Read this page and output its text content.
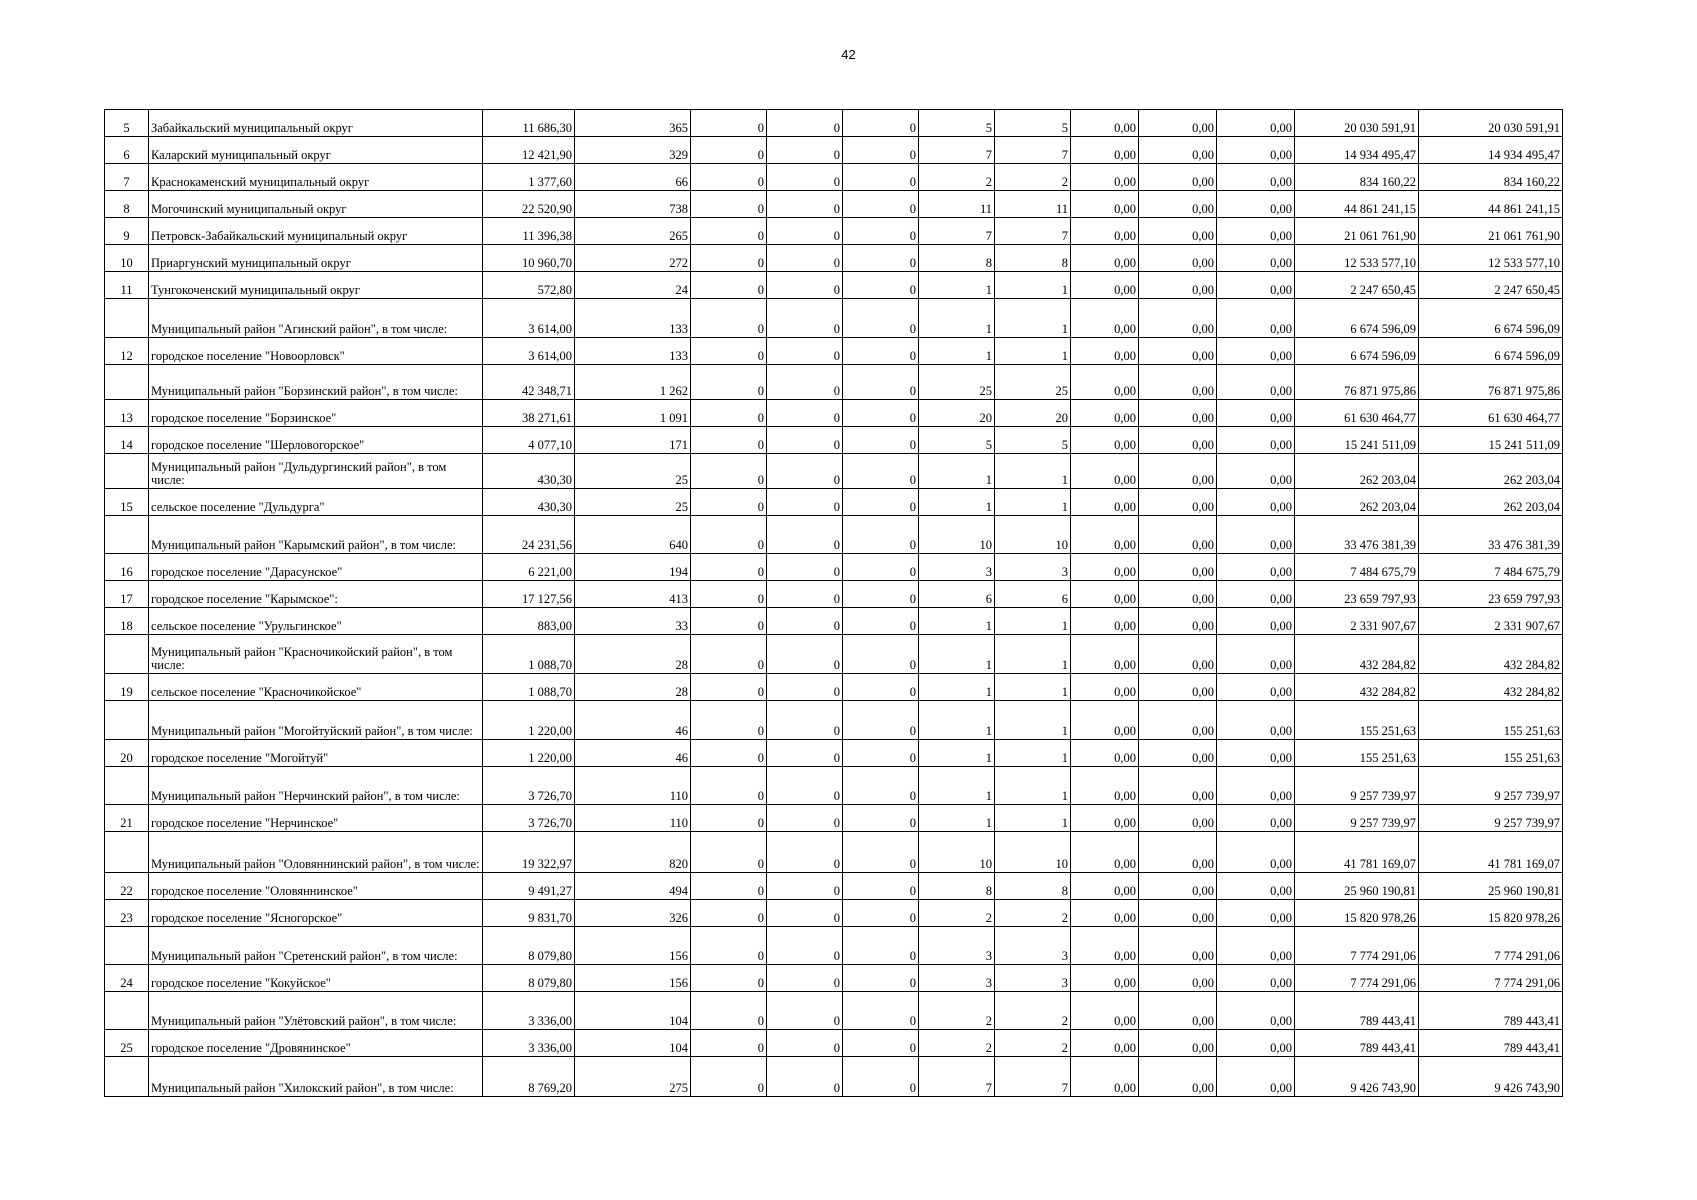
42
5	Забайкальский муниципальный округ	11 686,30	365	0	0	0	5	5	0,00	0,00	0,00	20 030 591,91	20 030 591,91
6	Каларский муниципальный округ	12 421,90	329	0	0	0	7	7	0,00	0,00	0,00	14 934 495,47	14 934 495,47
7	Краснокаменский муниципальный округ	1 377,60	66	0	0	0	2	2	0,00	0,00	0,00	834 160,22	834 160,22
8	Могочинский муниципальный округ	22 520,90	738	0	0	0	11	11	0,00	0,00	0,00	44 861 241,15	44 861 241,15
9	Петровск-Забайкальский муниципальный округ	11 396,38	265	0	0	0	7	7	0,00	0,00	0,00	21 061 761,90	21 061 761,90
10	Приаргунский муниципальный округ	10 960,70	272	0	0	0	8	8	0,00	0,00	0,00	12 533 577,10	12 533 577,10
11	Тунгокоченский муниципальный округ	572,80	24	0	0	0	1	1	0,00	0,00	0,00	2 247 650,45	2 247 650,45
	Муниципальный район "Агинский район", в том числе:	3 614,00	133	0	0	0	1	1	0,00	0,00	0,00	6 674 596,09	6 674 596,09
12	городское поселение "Новоорловск"	3 614,00	133	0	0	0	1	1	0,00	0,00	0,00	6 674 596,09	6 674 596,09
	Муниципальный район "Борзинский район", в том числе:	42 348,71	1 262	0	0	0	25	25	0,00	0,00	0,00	76 871 975,86	76 871 975,86
13	городское поселение "Борзинское"	38 271,61	1 091	0	0	0	20	20	0,00	0,00	0,00	61 630 464,77	61 630 464,77
14	городское поселение "Шерловогорское"	4 077,10	171	0	0	0	5	5	0,00	0,00	0,00	15 241 511,09	15 241 511,09
	Муниципальный район "Дульдургинский район", в том числе:	430,30	25	0	0	0	1	1	0,00	0,00	0,00	262 203,04	262 203,04
15	сельское поселение "Дульдурга"	430,30	25	0	0	0	1	1	0,00	0,00	0,00	262 203,04	262 203,04
	Муниципальный район "Карымский район", в том числе:	24 231,56	640	0	0	0	10	10	0,00	0,00	0,00	33 476 381,39	33 476 381,39
16	городское поселение "Дарасунское"	6 221,00	194	0	0	0	3	3	0,00	0,00	0,00	7 484 675,79	7 484 675,79
17	городское поселение "Карымское":	17 127,56	413	0	0	0	6	6	0,00	0,00	0,00	23 659 797,93	23 659 797,93
18	сельское поселение "Урульгинское"	883,00	33	0	0	0	1	1	0,00	0,00	0,00	2 331 907,67	2 331 907,67
	Муниципальный район "Красночикойский район", в том числе:	1 088,70	28	0	0	0	1	1	0,00	0,00	0,00	432 284,82	432 284,82
19	сельское поселение "Красночикойское"	1 088,70	28	0	0	0	1	1	0,00	0,00	0,00	432 284,82	432 284,82
	Муниципальный район "Могойтуйский район", в том числе:	1 220,00	46	0	0	0	1	1	0,00	0,00	0,00	155 251,63	155 251,63
20	городское поселение "Могойтуй"	1 220,00	46	0	0	0	1	1	0,00	0,00	0,00	155 251,63	155 251,63
	Муниципальный район "Нерчинский район", в том числе:	3 726,70	110	0	0	0	1	1	0,00	0,00	0,00	9 257 739,97	9 257 739,97
21	городское поселение "Нерчинское"	3 726,70	110	0	0	0	1	1	0,00	0,00	0,00	9 257 739,97	9 257 739,97
	Муниципальный район "Оловяннинский район", в том числе:	19 322,97	820	0	0	0	10	10	0,00	0,00	0,00	41 781 169,07	41 781 169,07
22	городское поселение "Оловяннинское"	9 491,27	494	0	0	0	8	8	0,00	0,00	0,00	25 960 190,81	25 960 190,81
23	городское поселение "Ясногорское"	9 831,70	326	0	0	0	2	2	0,00	0,00	0,00	15 820 978,26	15 820 978,26
	Муниципальный район "Сретенский район", в том числе:	8 079,80	156	0	0	0	3	3	0,00	0,00	0,00	7 774 291,06	7 774 291,06
24	городское поселение "Кокуйское"	8 079,80	156	0	0	0	3	3	0,00	0,00	0,00	7 774 291,06	7 774 291,06
	Муниципальный район "Улётовский район", в том числе:	3 336,00	104	0	0	0	2	2	0,00	0,00	0,00	789 443,41	789 443,41
25	городское поселение "Дровянинское"	3 336,00	104	0	0	0	2	2	0,00	0,00	0,00	789 443,41	789 443,41
	Муниципальный район "Хилокский район", в том числе:	8 769,20	275	0	0	0	7	7	0,00	0,00	0,00	9 426 743,90	9 426 743,90
